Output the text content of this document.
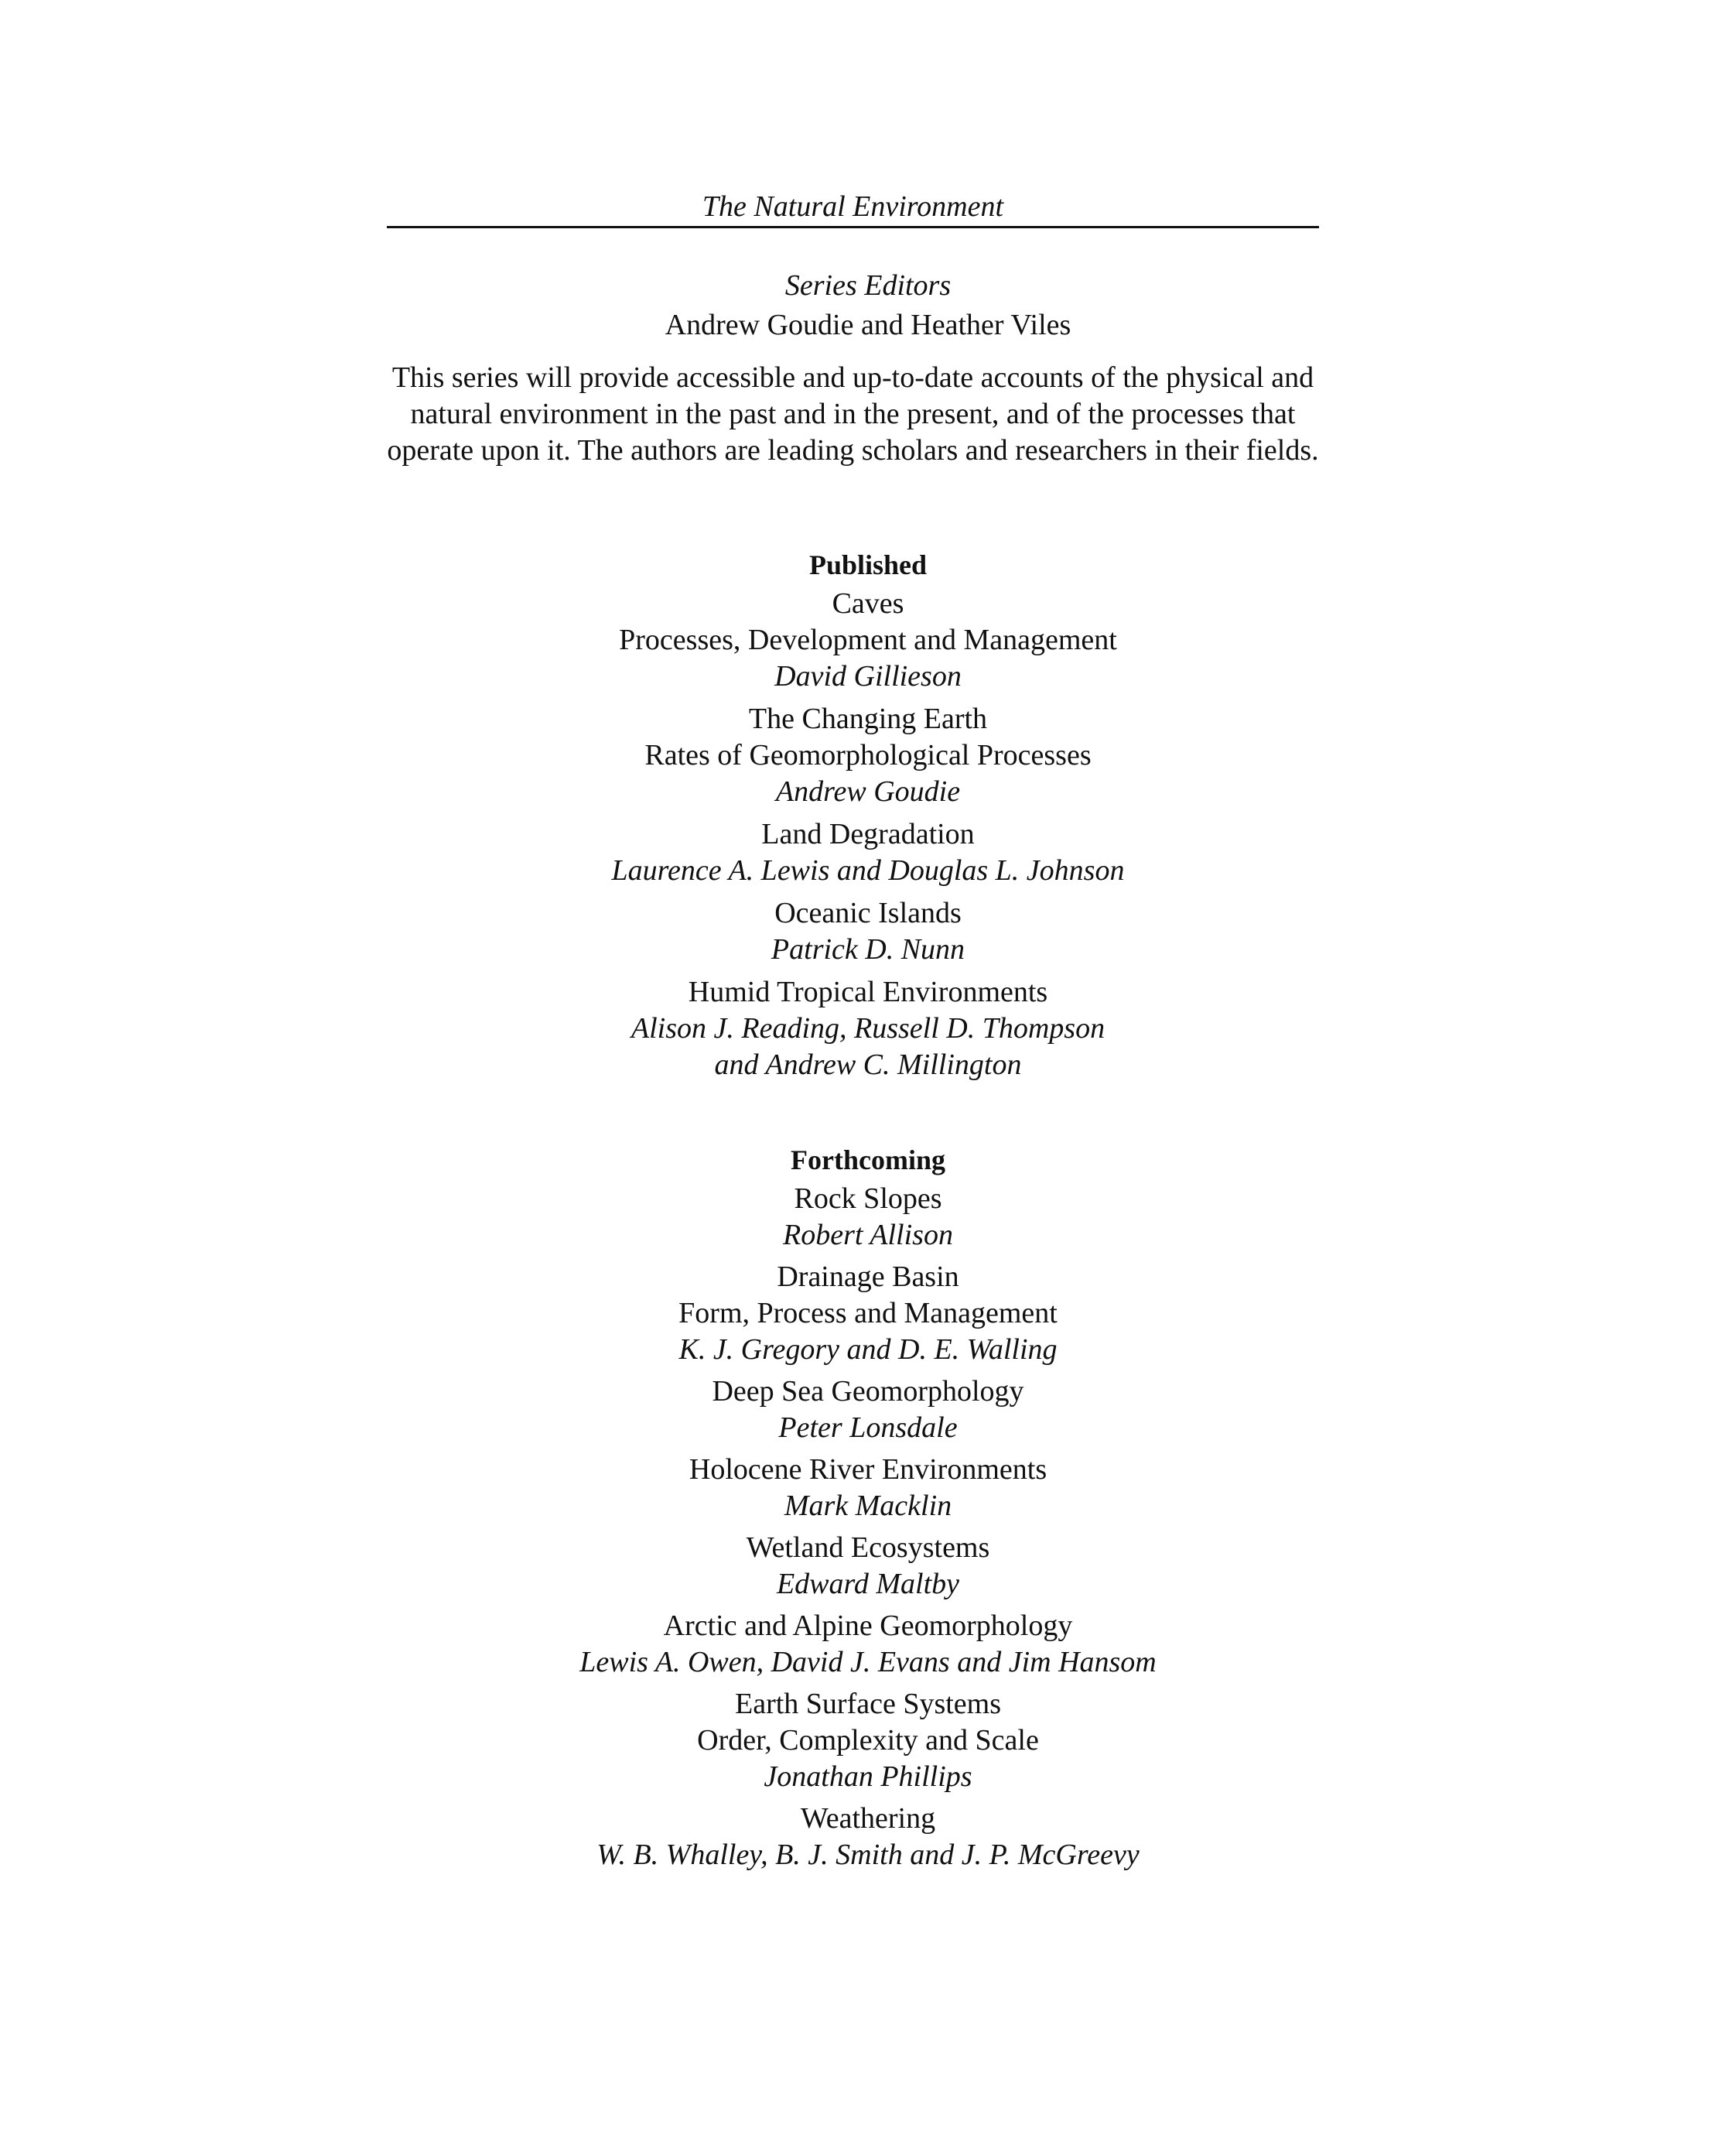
The Natural Environment
Series Editors
Andrew Goudie and Heather Viles
This series will provide accessible and up-to-date accounts of the physical and natural environment in the past and in the present, and of the processes that operate upon it. The authors are leading scholars and researchers in their fields.
Published
Caves
Processes, Development and Management
David Gillieson
The Changing Earth
Rates of Geomorphological Processes
Andrew Goudie
Land Degradation
Laurence A. Lewis and Douglas L. Johnson
Oceanic Islands
Patrick D. Nunn
Humid Tropical Environments
Alison J. Reading, Russell D. Thompson
and Andrew C. Millington
Forthcoming
Rock Slopes
Robert Allison
Drainage Basin
Form, Process and Management
K. J. Gregory and D. E. Walling
Deep Sea Geomorphology
Peter Lonsdale
Holocene River Environments
Mark Macklin
Wetland Ecosystems
Edward Maltby
Arctic and Alpine Geomorphology
Lewis A. Owen, David J. Evans and Jim Hansom
Earth Surface Systems
Order, Complexity and Scale
Jonathan Phillips
Weathering
W. B. Whalley, B. J. Smith and J. P. McGreevy
